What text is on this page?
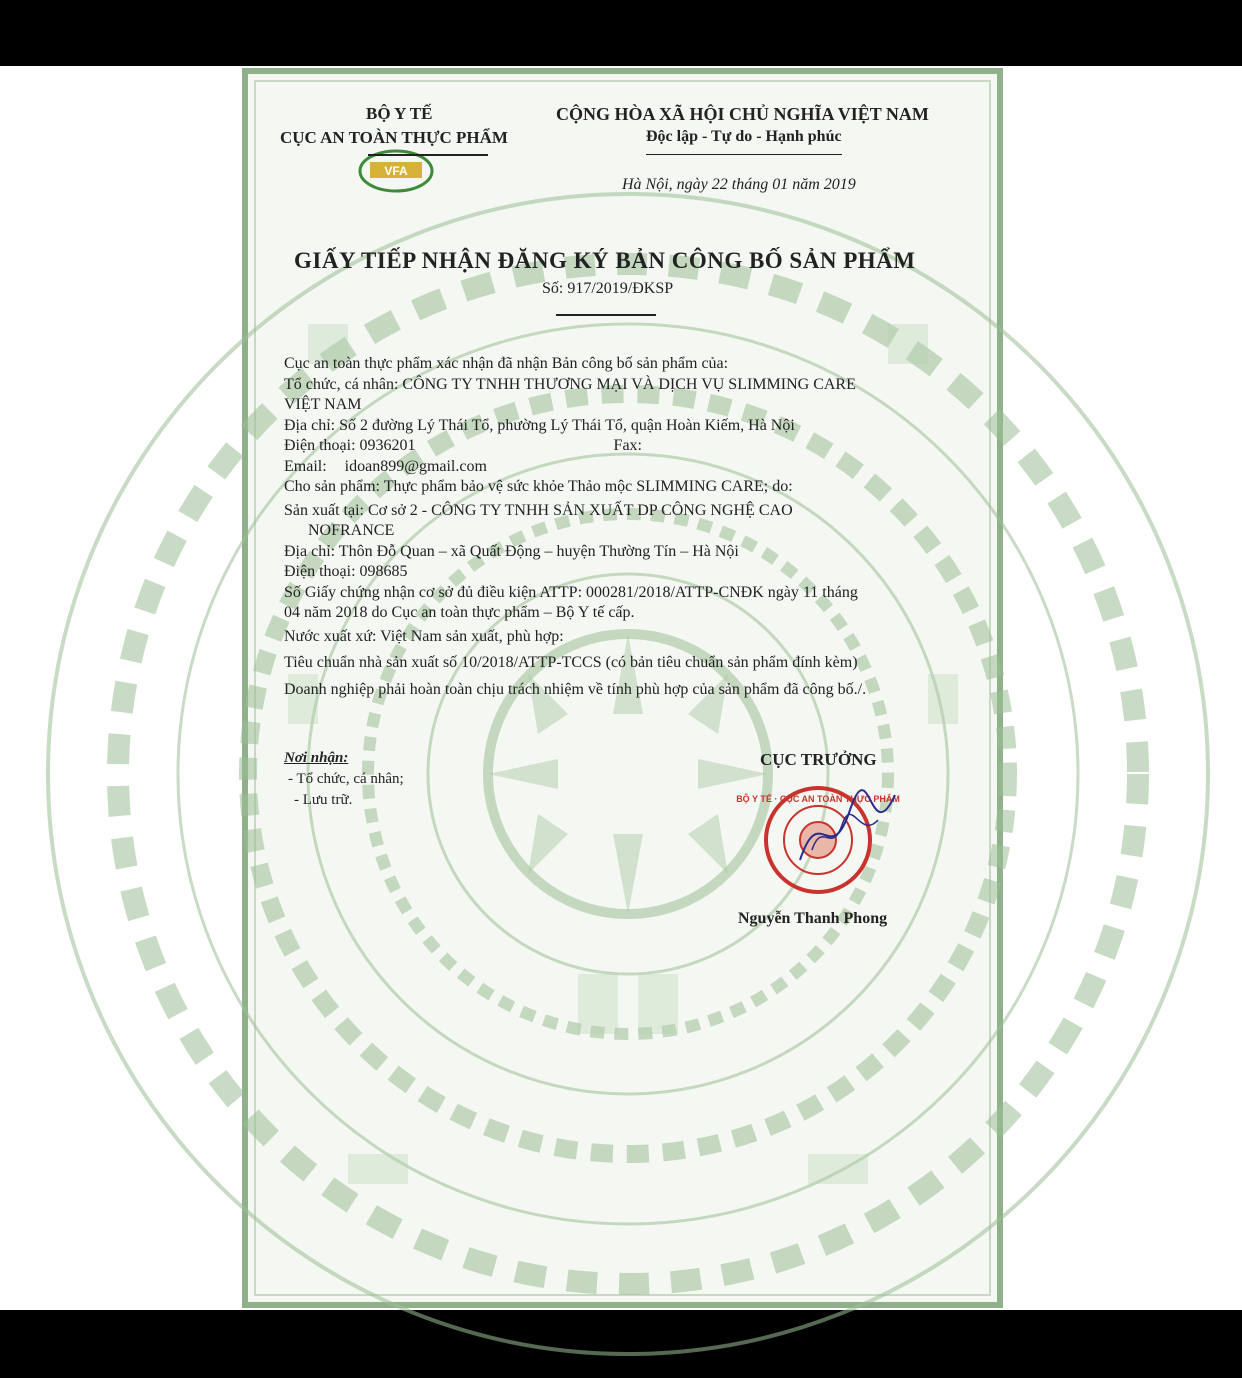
VFA
BỘ Y TẾ
CỤC AN TOÀN THỰC PHẨM
CỘNG HÒA XÃ HỘI CHỦ NGHĨA VIỆT NAM
Độc lập - Tự do - Hạnh phúc
Hà Nội, ngày 22 tháng 01 năm 2019
GIẤY TIẾP NHẬN ĐĂNG KÝ BẢN CÔNG BỐ SẢN PHẨM
Số: 917/2019/ĐKSP

Cục an toàn thực phẩm xác nhận đã nhận Bản công bố sản phẩm của:

Tổ chức, cá nhân: CÔNG TY TNHH THƯƠNG MẠI VÀ DỊCH VỤ SLIMMING CARE

VIỆT NAM

Địa chỉ: Số 2 đường Lý Thái Tổ, phường Lý Thái Tổ, quận Hoàn Kiếm, Hà Nội

Điện thoại: 0936201	Fax:

Email: idoan899@gmail.com

Cho sản phẩm: Thực phẩm bảo vệ sức khỏe Thảo mộc SLIMMING CARE; do:

Sản xuất tại: Cơ sở 2 - CÔNG TY TNHH SẢN XUẤT DP CÔNG NGHỆ CAO

NOFRANCE

Địa chỉ: Thôn Đỗ Quan – xã Quất Động – huyện Thường Tín – Hà Nội

Điện thoại: 098685

Số Giấy chứng nhận cơ sở đủ điều kiện ATTP: 000281/2018/ATTP-CNĐK ngày 11 tháng

04 năm 2018 do Cục an toàn thực phẩm – Bộ Y tế cấp.

Nước xuất xứ: Việt Nam sản xuất, phù hợp:

Tiêu chuẩn nhà sản xuất số 10/2018/ATTP-TCCS (có bản tiêu chuẩn sản phẩm đính kèm)

Doanh nghiệp phải hoàn toàn chịu trách nhiệm về tính phù hợp của sản phẩm đã công bố./.

Nơi nhận:
- Tổ chức, cá nhân;
- Lưu trữ.
CỤC TRƯỞNG
BỘ Y TẾ · CỤC AN TOÀN THỰC PHẨM
Nguyễn Thanh Phong
